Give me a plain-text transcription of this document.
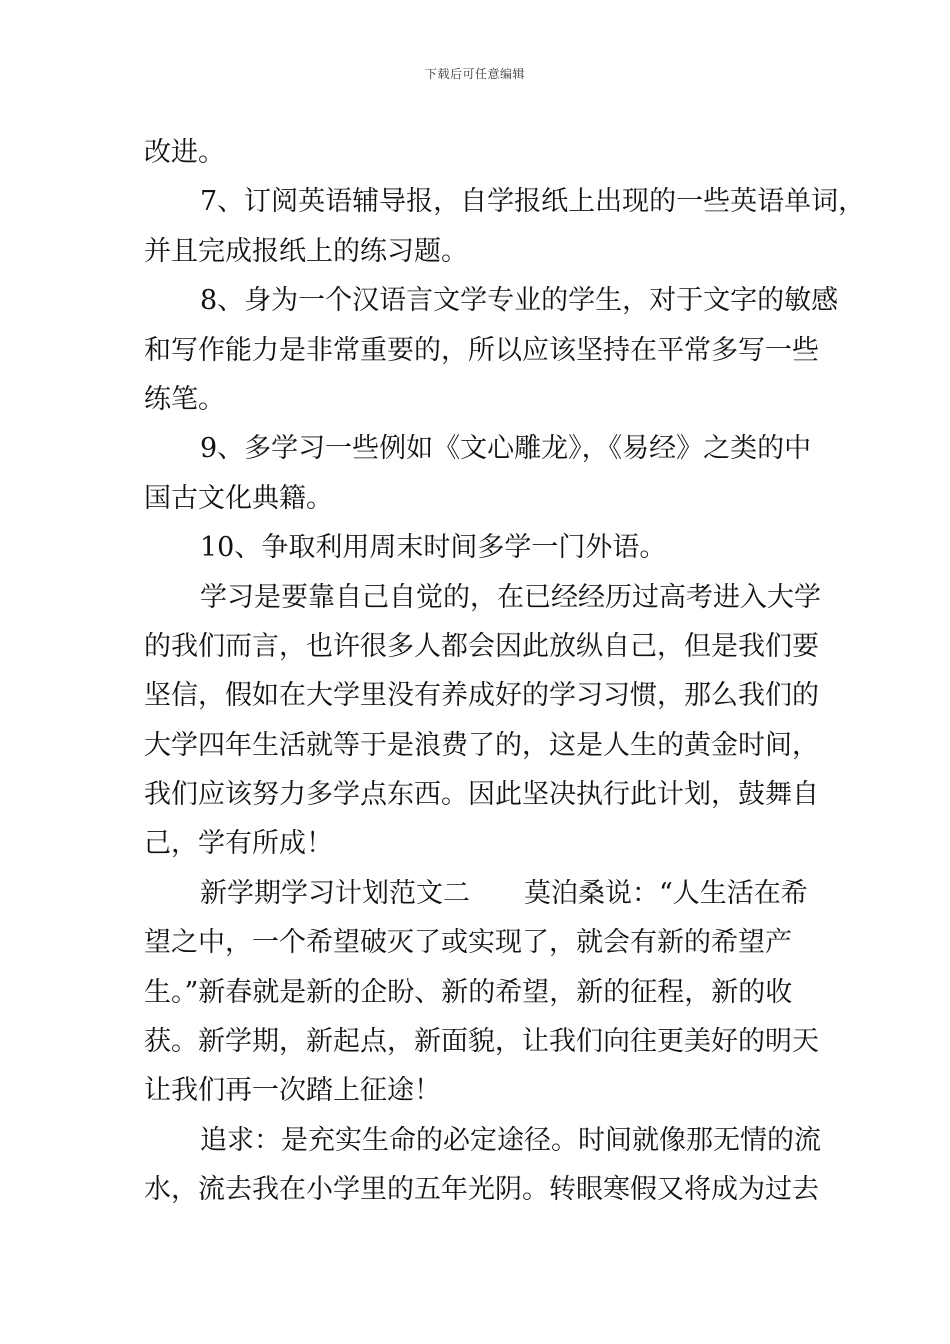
下载后可任意编辑
改进。
7、订阅英语辅导报，自学报纸上出现的一些英语单词，
并且完成报纸上的练习题。
8、身为一个汉语言文学专业的学生，对于文字的敏感
和写作能力是非常重要的，所以应该坚持在平常多写一些
练笔。
9、多学习一些例如《文心雕龙》，《易经》之类的中
国古文化典籍。
10、争取利用周末时间多学一门外语。
学习是要靠自己自觉的，在已经经历过高考进入大学
的我们而言，也许很多人都会因此放纵自己，但是我们要
坚信，假如在大学里没有养成好的学习习惯，那么我们的
大学四年生活就等于是浪费了的，这是人生的黄金时间，
我们应该努力多学点东西。因此坚决执行此计划，鼓舞自
己，学有所成！
新学期学习计划范文二　　莫泊桑说：“人生活在希
望之中，一个希望破灭了或实现了，就会有新的希望产
生。”新春就是新的企盼、新的希望，新的征程，新的收
获。新学期，新起点，新面貌，让我们向往更美好的明天
让我们再一次踏上征途！
追求：是充实生命的必定途径。时间就像那无情的流
水，流去我在小学里的五年光阴。转眼寒假又将成为过去
